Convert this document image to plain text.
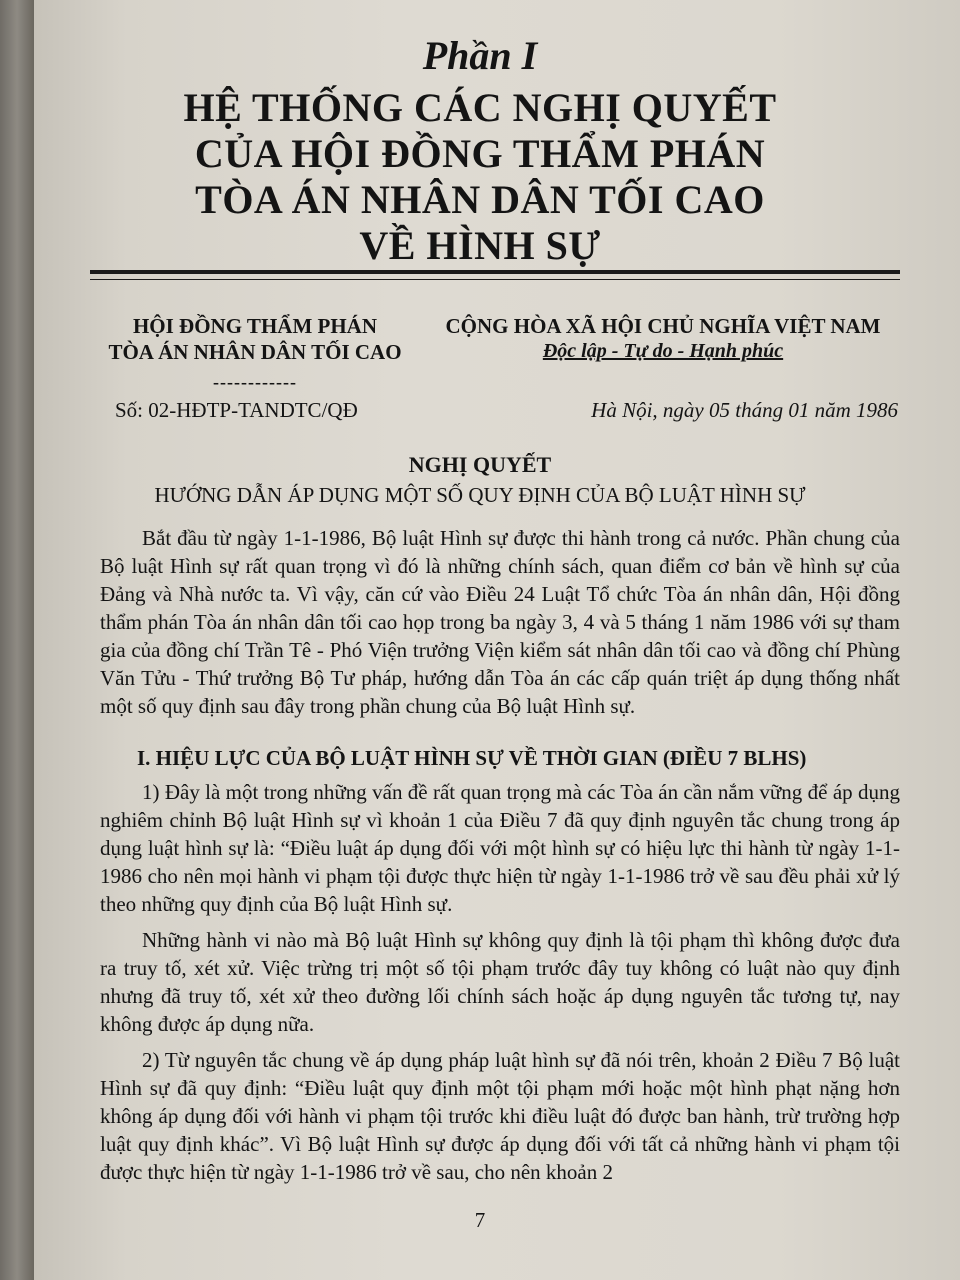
Phần I
HỆ THỐNG CÁC NGHỊ QUYẾT
CỦA HỘI ĐỒNG THẨM PHÁN
TÒA ÁN NHÂN DÂN TỐI CAO
VỀ HÌNH SỰ
HỘI ĐỒNG THẨM PHÁN
TÒA ÁN NHÂN DÂN TỐI CAO
------------
CỘNG HÒA XÃ HỘI CHỦ NGHĨA VIỆT NAM
Độc lập - Tự do - Hạnh phúc
Số: 02-HĐTP-TANDTC/QĐ	Hà Nội, ngày 05 tháng 01 năm 1986
NGHỊ QUYẾT
HƯỚNG DẪN ÁP DỤNG MỘT SỐ QUY ĐỊNH CỦA BỘ LUẬT HÌNH SỰ

Bắt đầu từ ngày 1-1-1986, Bộ luật Hình sự được thi hành trong cả nước. Phần chung của Bộ luật Hình sự rất quan trọng vì đó là những chính sách, quan điểm cơ bản về hình sự của Đảng và Nhà nước ta. Vì vậy, căn cứ vào Điều 24 Luật Tổ chức Tòa án nhân dân, Hội đồng thẩm phán Tòa án nhân dân tối cao họp trong ba ngày 3, 4 và 5 tháng 1 năm 1986 với sự tham gia của đồng chí Trần Tê - Phó Viện trưởng Viện kiểm sát nhân dân tối cao và đồng chí Phùng Văn Tửu - Thứ trưởng Bộ Tư pháp, hướng dẫn Tòa án các cấp quán triệt áp dụng thống nhất một số quy định sau đây trong phần chung của Bộ luật Hình sự.

I. HIỆU LỰC CỦA BỘ LUẬT HÌNH SỰ VỀ THỜI GIAN (ĐIỀU 7 BLHS)

1) Đây là một trong những vấn đề rất quan trọng mà các Tòa án cần nắm vững để áp dụng nghiêm chỉnh Bộ luật Hình sự vì khoản 1 của Điều 7 đã quy định nguyên tắc chung trong áp dụng luật hình sự là: “Điều luật áp dụng đối với một hình sự có hiệu lực thi hành từ ngày 1-1-1986 cho nên mọi hành vi phạm tội được thực hiện từ ngày 1-1-1986 trở về sau đều phải xử lý theo những quy định của Bộ luật Hình sự.

Những hành vi nào mà Bộ luật Hình sự không quy định là tội phạm thì không được đưa ra truy tố, xét xử. Việc trừng trị một số tội phạm trước đây tuy không có luật nào quy định nhưng đã truy tố, xét xử theo đường lối chính sách hoặc áp dụng nguyên tắc tương tự, nay không được áp dụng nữa.

2) Từ nguyên tắc chung về áp dụng pháp luật hình sự đã nói trên, khoản 2 Điều 7 Bộ luật Hình sự đã quy định: “Điều luật quy định một tội phạm mới hoặc một hình phạt nặng hơn không áp dụng đối với hành vi phạm tội trước khi điều luật đó được ban hành, trừ trường hợp luật quy định khác”. Vì Bộ luật Hình sự được áp dụng đối với tất cả những hành vi phạm tội được thực hiện từ ngày 1-1-1986 trở về sau, cho nên khoản 2

7
